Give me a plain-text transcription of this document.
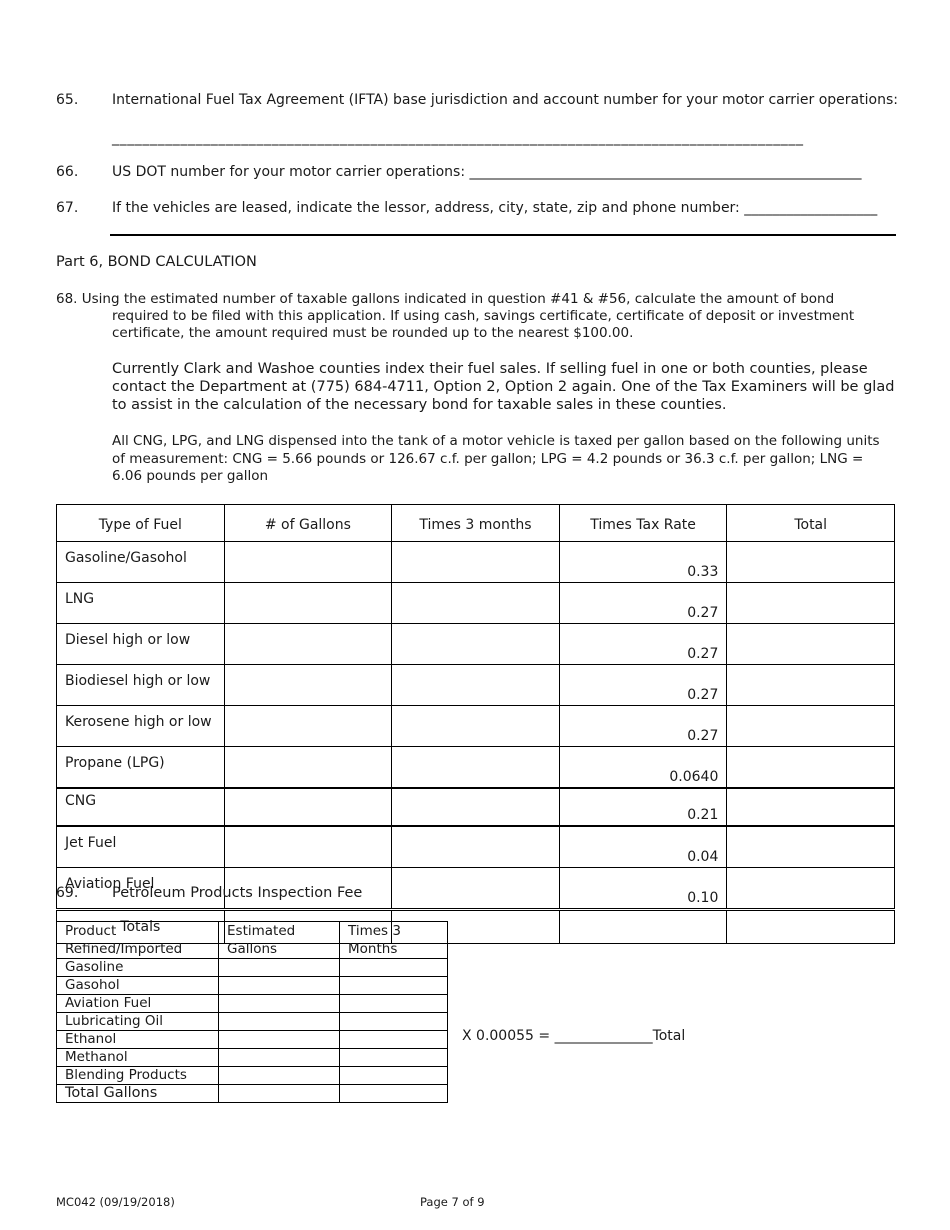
65. International Fuel Tax Agreement (IFTA) base jurisdiction and account number for your motor carrier operations:
___________________________________________________________________________________________
66. US DOT number for your motor carrier operations: ________________________________________________________
67. If the vehicles are leased, indicate the lessor, address, city, state, zip and phone number: ___________________
Part 6, BOND CALCULATION
68. Using the estimated number of taxable gallons indicated in question #41 & #56, calculate the amount of bond
required to be filed with this application. If using cash, savings certificate, certificate of deposit or investment certificate, the amount required must be rounded up to the nearest $100.00.
Currently Clark and Washoe counties index their fuel sales. If selling fuel in one or both counties, please contact the Department at (775) 684-4711, Option 2, Option 2 again. One of the Tax Examiners will be glad to assist in the calculation of the necessary bond for taxable sales in these counties.
All CNG, LPG, and LNG dispensed into the tank of a motor vehicle is taxed per gallon based on the following units of measurement: CNG = 5.66 pounds or 126.67 c.f. per gallon; LPG = 4.2 pounds or 36.3 c.f. per gallon; LNG = 6.06 pounds per gallon
Type of Fuel	# of Gallons	Times 3 months	Times Tax Rate	Total
Gasoline/Gasohol			0.33	
LNG			0.27	
Diesel high or low			0.27	
Biodiesel high or low			0.27	
Kerosene high or low			0.27	
Propane (LPG)			0.0640	
CNG			0.21	
Jet Fuel			0.04	
Aviation Fuel			0.10	
Totals				
69. Petroleum Products Inspection Fee
Product Refined/Imported	Estimated Gallons	Times 3 Months
Gasoline		
Gasohol		
Aviation Fuel		
Lubricating Oil		
Ethanol		
Methanol		
Blending Products		
Total Gallons		
X 0.00055 = ______________Total
MC042 (09/19/2018)	Page 7 of 9
